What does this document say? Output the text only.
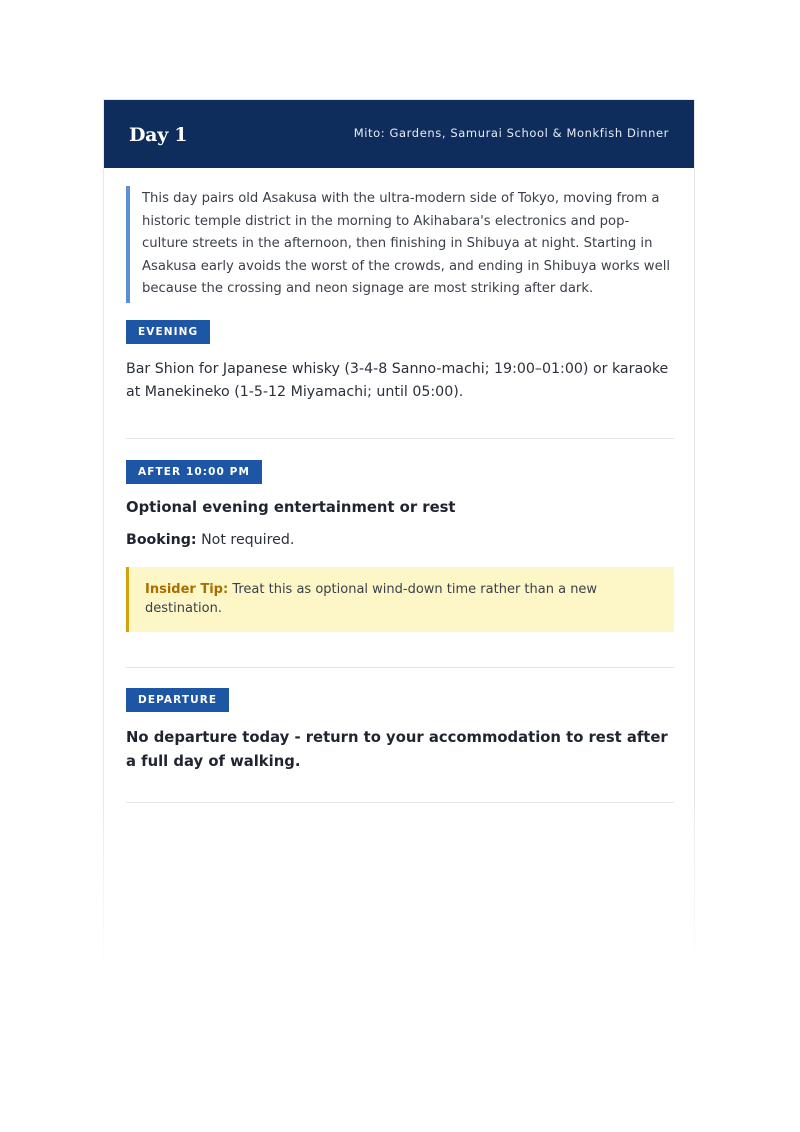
Day 1	Mito: Gardens, Samurai School & Monkfish Dinner
This day pairs old Asakusa with the ultra-modern side of Tokyo, moving from a historic temple district in the morning to Akihabara's electronics and pop-culture streets in the afternoon, then finishing in Shibuya at night. Starting in Asakusa early avoids the worst of the crowds, and ending in Shibuya works well because the crossing and neon signage are most striking after dark.
EVENING
Bar Shion for Japanese whisky (3-4-8 Sanno-machi; 19:00–01:00) or karaoke at Manekineko (1-5-12 Miyamachi; until 05:00).
AFTER 10:00 PM
Optional evening entertainment or rest
Booking: Not required.
Insider Tip: Treat this as optional wind-down time rather than a new destination.
DEPARTURE
No departure today - return to your accommodation to rest after a full day of walking.
